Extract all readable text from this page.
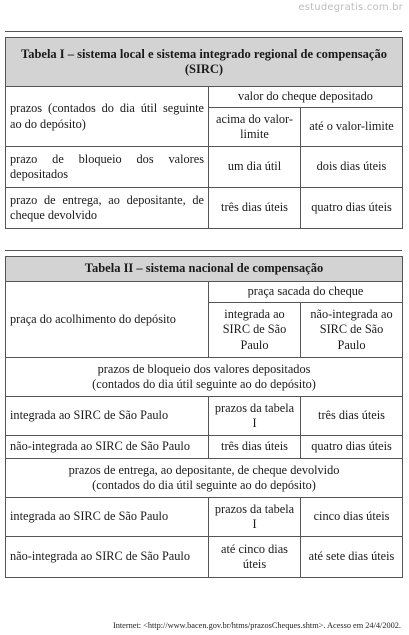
estudegratis.com.br
Tabela I – sistema local e sistema integrado regional de compensação (SIRC)		
prazos (contados do dia útil seguinte ao do depósito)	valor do cheque depositado	
	acima do valor-limite	até o valor-limite
prazo de bloqueio dos valores depositados	um dia útil	dois dias úteis
prazo de entrega, ao depositante, de cheque devolvido	três dias úteis	quatro dias úteis
Tabela II – sistema nacional de compensação		
praça do acolhimento do depósito	praça sacada do cheque	
	integrada ao SIRC de São Paulo	não-integrada ao SIRC de São Paulo

prazos de bloqueio dos valores depositados
(contados do dia útil seguinte ao do depósito)		

integrada ao SIRC de São Paulo	prazos da tabela I	três dias úteis
não-integrada ao SIRC de São Paulo	três dias úteis	quatro dias úteis

prazos de entrega, ao depositante, de cheque devolvido
(contados do dia útil seguinte ao do depósito)		

integrada ao SIRC de São Paulo	prazos da tabela I	cinco dias úteis
não-integrada ao SIRC de São Paulo	até cinco dias úteis	até sete dias úteis
Internet: <http://www.bacen.gov.br/htms/prazosCheques.shtm>. Acesso em 24/4/2002.
